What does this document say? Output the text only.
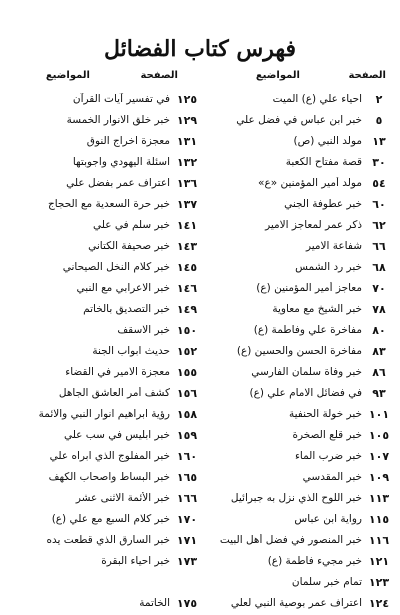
فهرس كتاب الفضائل
الصفحة
المواضيع
الصفحة
المواضيع
٢
احياء علي (ع) الميت
١٢٥
في تفسير آيات القرآن
٥
خبر ابن عباس في فضل علي
١٢٩
خبر خلق الانوار الخمسة
١٣
مولد النبي (ص)
١٣١
معجزة اخراج النوق
٣٠
قصة مفتاح الكعبة
١٣٢
اسئلة اليهودي واجوبتها
٥٤
مولد أمير المؤمنين «ع»
١٣٦
اعتراف عمر بفضل علي
٦٠
خبر عطوفة الجني
١٣٧
خبر حرة السعدية مع الحجاج
٦٢
ذكر عمر لمعاجز الامير
١٤١
خبر سلم في علي
٦٦
شفاعة الامير
١٤٣
خبر صحيفة الكتاني
٦٨
خبر رد الشمس
١٤٥
خبر كلام النخل الصيحاني
٧٠
معاجز أمير المؤمنين (ع)
١٤٦
خبر الاعرابي مع النبي
٧٨
خبر الشيخ مع معاوية
١٤٩
خبر التصديق بالخاتم
٨٠
مفاخرة علي وفاطمة (ع)
١٥٠
خبر الاسقف
٨٣
مفاخرة الحسن والحسين (ع)
١٥٢
حديث ابواب الجنة
٨٦
خبر وفاة سلمان الفارسي
١٥٥
معجزة الامير في القضاء
٩٣
في فضائل الامام علي (ع)
١٥٦
كشف أمر العاشق الجاهل
١٠١
خبر خولة الحنفية
١٥٨
رؤية ابراهيم انوار النبي والائمة
١٠٥
خبر قلع الصخرة
١٥٩
خبر ابليس في سب علي
١٠٧
خبر ضرب الماء
١٦٠
خبر المفلوج الذي ابراه علي
١٠٩
خبر المقدسي
١٦٥
خبر البساط واصحاب الكهف
١١٣
خبر اللوح الذي نزل به جبرائيل
١٦٦
خبر الأئمة الاثنى عشر
١١٥
رواية ابن عباس
١٧٠
خبر كلام السبع مع علي (ع)
١١٦
خبر المنصور في فضل أهل البيت
١٧١
خبر السارق الذي قطعت يده
١٢١
خبر مجيء فاطمة (ع)
١٧٣
خبر احياء البقرة
١٢٣
تمام خبر سلمان
١٢٤
اعتراف عمر بوصية النبي لعلي
١٧٥
الخاتمة
